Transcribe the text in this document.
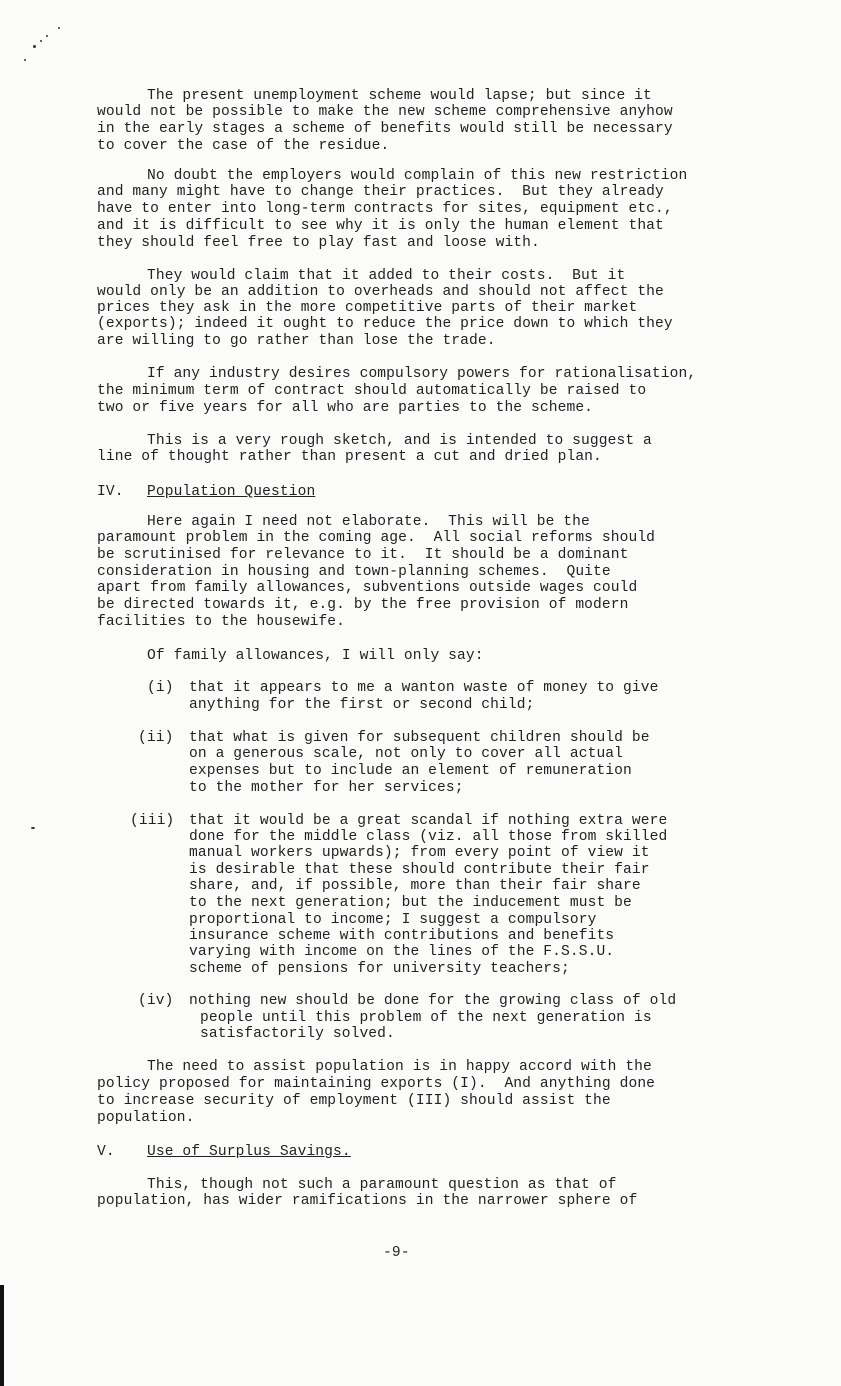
The present unemployment scheme would lapse; but since it
would not be possible to make the new scheme comprehensive anyhow
in the early stages a scheme of benefits would still be necessary
to cover the case of the residue.
No doubt the employers would complain of this new restriction
and many might have to change their practices.  But they already
have to enter into long-term contracts for sites, equipment etc.,
and it is difficult to see why it is only the human element that
they should feel free to play fast and loose with.
They would claim that it added to their costs.  But it
would only be an addition to overheads and should not affect the
prices they ask in the more competitive parts of their market
(exports); indeed it ought to reduce the price down to which they
are willing to go rather than lose the trade.
If any industry desires compulsory powers for rationalisation,
the minimum term of contract should automatically be raised to
two or five years for all who are parties to the scheme.
This is a very rough sketch, and is intended to suggest a
line of thought rather than present a cut and dried plan.
IV. Population Question
Here again I need not elaborate.  This will be the
paramount problem in the coming age.  All social reforms should
be scrutinised for relevance to it.  It should be a dominant
consideration in housing and town-planning schemes.  Quite
apart from family allowances, subventions outside wages could
be directed towards it, e.g. by the free provision of modern
facilities to the housewife.
Of family allowances, I will only say:
(i) that it appears to me a wanton waste of money to give
anything for the first or second child;
(ii) that what is given for subsequent children should be
on a generous scale, not only to cover all actual
expenses but to include an element of remuneration
to the mother for her services;
(iii) that it would be a great scandal if nothing extra were
done for the middle class (viz. all those from skilled
manual workers upwards); from every point of view it
is desirable that these should contribute their fair
share, and, if possible, more than their fair share
to the next generation; but the inducement must be
proportional to income; I suggest a compulsory
insurance scheme with contributions and benefits
varying with income on the lines of the F.S.S.U.
scheme of pensions for university teachers;
(iv) nothing new should be done for the growing class of old
people until this problem of the next generation is
satisfactorily solved.
The need to assist population is in happy accord with the
policy proposed for maintaining exports (I).  And anything done
to increase security of employment (III) should assist the
population.
V. Use of Surplus Savings.
This, though not such a paramount question as that of
population, has wider ramifications in the narrower sphere of
-9-
